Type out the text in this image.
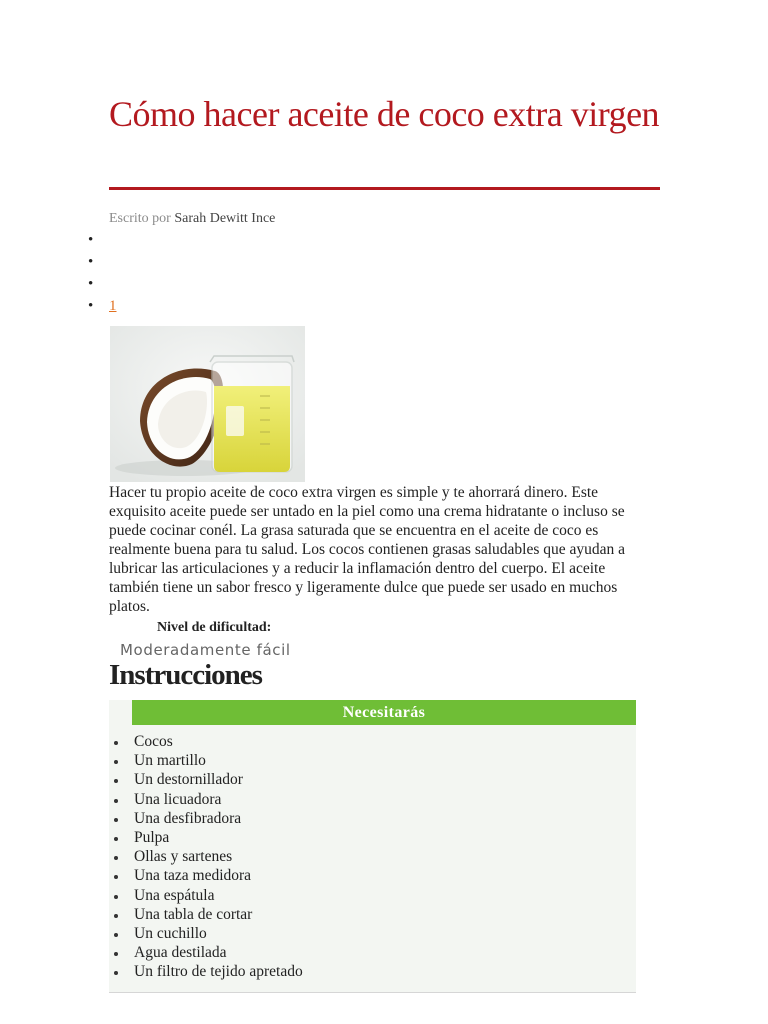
Cómo hacer aceite de coco extra virgen
Escrito por Sarah Dewitt Ince
•
•
•
• 1

Hacer tu propio aceite de coco extra virgen es simple y te ahorrará dinero. Este exquisito aceite puede ser untado en la piel como una crema hidratante o incluso se puede cocinar conél. La grasa saturada que se encuentra en el aceite de coco es realmente buena para tu salud. Los cocos contienen grasas saludables que ayudan a lubricar las articulaciones y a reducir la inflamación dentro del cuerpo. El aceite también tiene un sabor fresco y ligeramente dulce que puede ser usado en muchos platos.

Nivel de dificultad:
Moderadamente fácil
Instrucciones
Necesitarás
Cocos
Un martillo
Un destornillador
Una licuadora
Una desfibradora
Pulpa
Ollas y sartenes
Una taza medidora
Una espátula
Una tabla de cortar
Un cuchillo
Agua destilada
Un filtro de tejido apretado
